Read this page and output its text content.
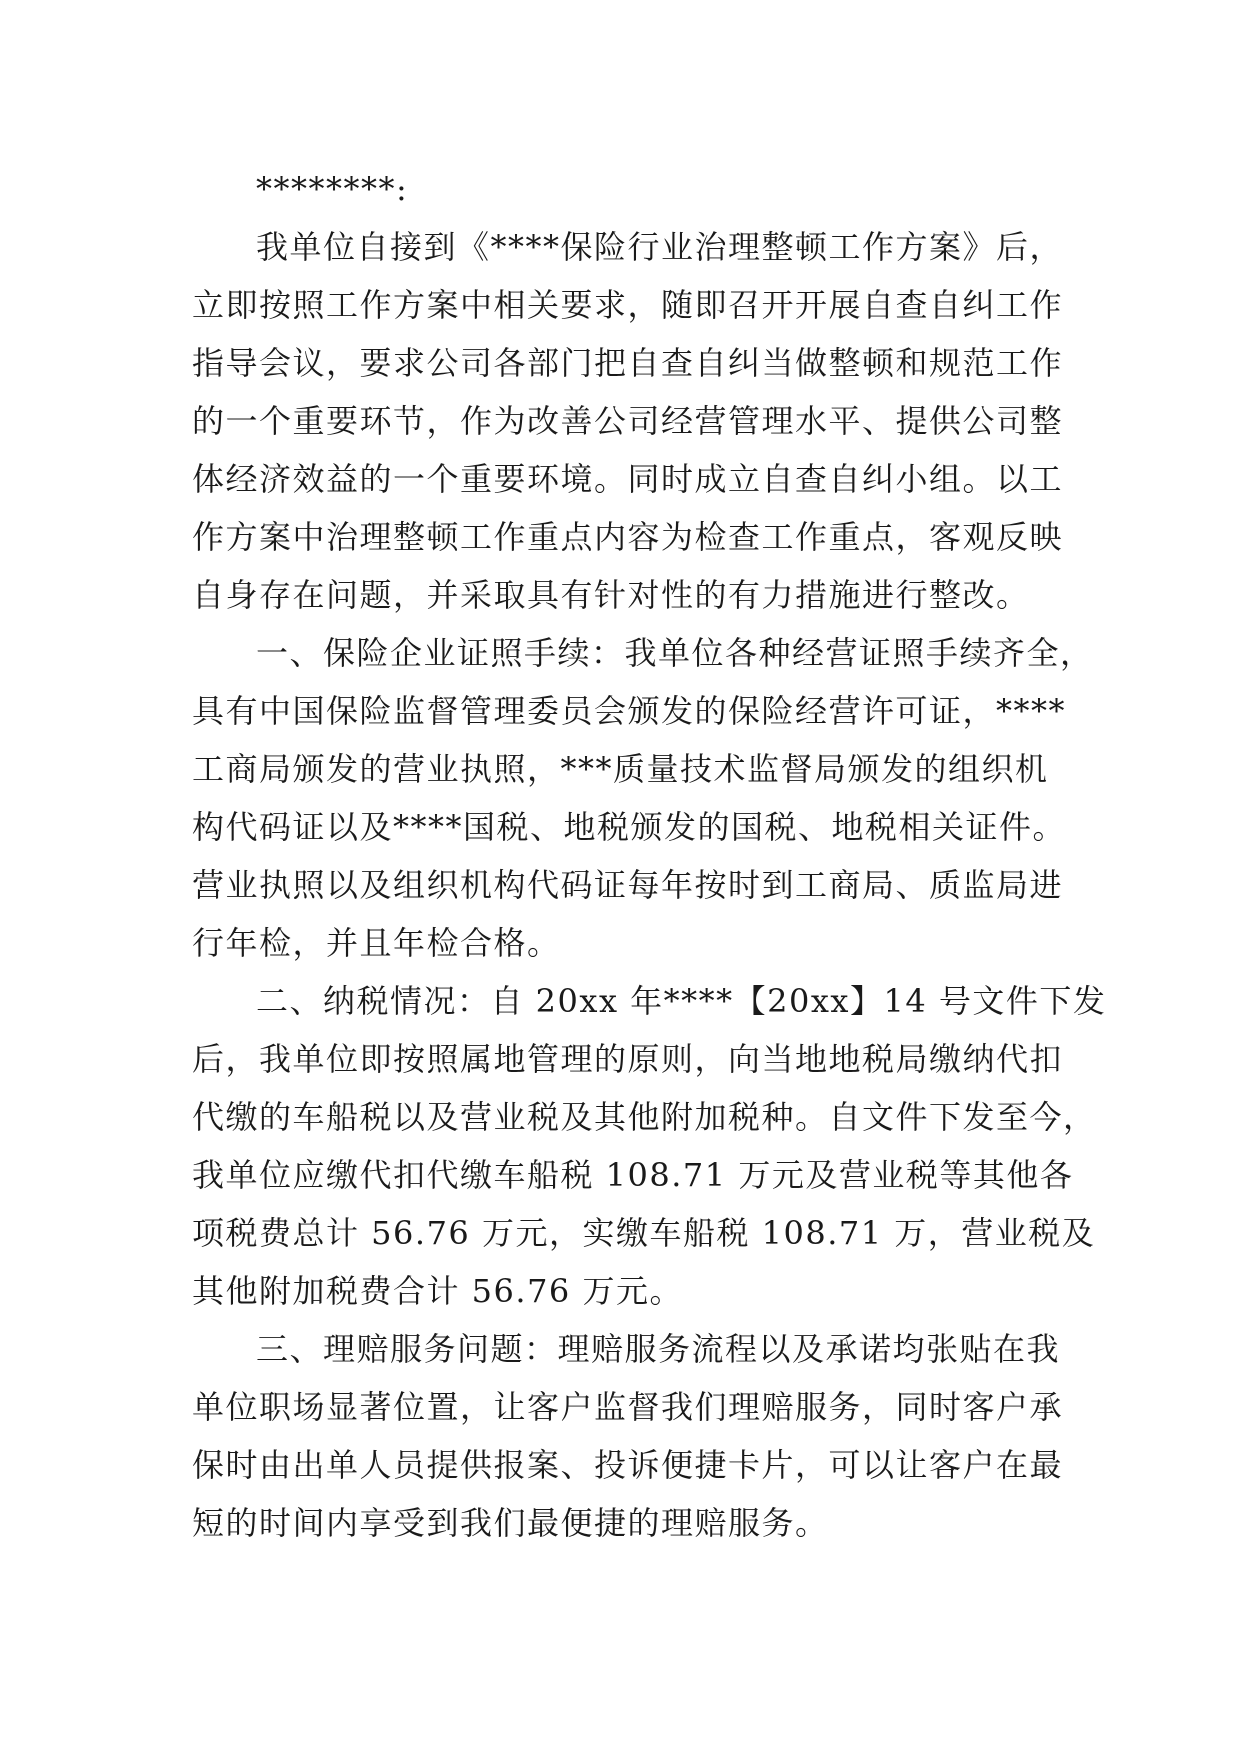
********:
我单位自接到《****保险行业治理整顿工作方案》后，
立即按照工作方案中相关要求，随即召开开展自查自纠工作
指导会议，要求公司各部门把自查自纠当做整顿和规范工作
的一个重要环节，作为改善公司经营管理水平、提供公司整
体经济效益的一个重要环境。同时成立自查自纠小组。以工
作方案中治理整顿工作重点内容为检查工作重点，客观反映
自身存在问题，并采取具有针对性的有力措施进行整改。
一、保险企业证照手续：我单位各种经营证照手续齐全，
具有中国保险监督管理委员会颁发的保险经营许可证，****
工商局颁发的营业执照，***质量技术监督局颁发的组织机
构代码证以及****国税、地税颁发的国税、地税相关证件。
营业执照以及组织机构代码证每年按时到工商局、质监局进
行年检，并且年检合格。
二、纳税情况：自 20xx 年****【20xx】14 号文件下发
后，我单位即按照属地管理的原则，向当地地税局缴纳代扣
代缴的车船税以及营业税及其他附加税种。自文件下发至今，
我单位应缴代扣代缴车船税 108.71 万元及营业税等其他各
项税费总计 56.76 万元，实缴车船税 108.71 万，营业税及
其他附加税费合计 56.76 万元。
三、理赔服务问题：理赔服务流程以及承诺均张贴在我
单位职场显著位置，让客户监督我们理赔服务，同时客户承
保时由出单人员提供报案、投诉便捷卡片，可以让客户在最
短的时间内享受到我们最便捷的理赔服务。
